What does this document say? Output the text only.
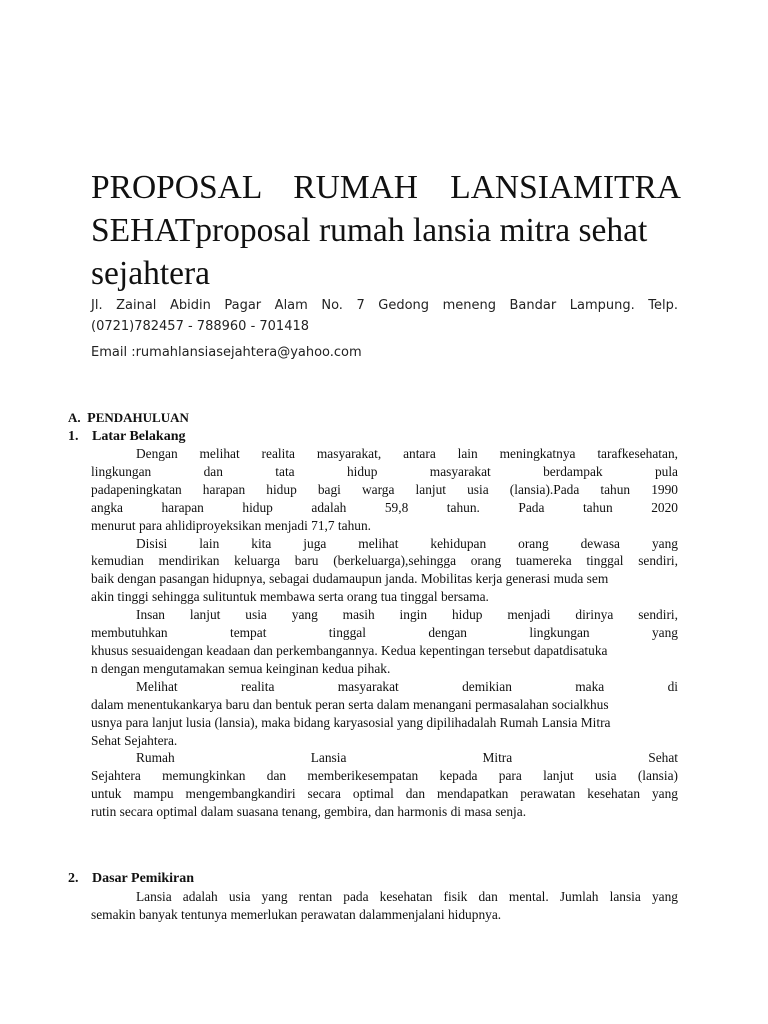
PROPOSAL RUMAH LANSIAMITRA
SEHATproposal rumah lansia mitra sehat
sejahtera

Jl. Zainal Abidin Pagar Alam No. 7 Gedong meneng Bandar Lampung. Telp.
(0721)782457 - 788960 - 701418

Email :rumahlansiasejahtera@yahoo.com

A. PENDAHULUAN

1. Latar Belakang

Dengan melihat realita masyarakat, antara lain meningkatnya tarafkesehatan,
lingkungan dan tata hidup masyarakat berdampak pula
padapeningkatan harapan hidup bagi warga lanjut usia (lansia).Pada tahun 1990
angka harapan hidup adalah 59,8 tahun. Pada tahun 2020
menurut para ahlidiproyeksikan menjadi 71,7 tahun.
Disisi lain kita juga melihat kehidupan orang dewasa yang
kemudian mendirikan keluarga baru (berkeluarga),sehingga orang tuamereka tinggal sendiri,
baik dengan pasangan hidupnya, sebagai dudamaupun janda. Mobilitas kerja generasi muda sem
akin tinggi sehingga sulituntuk membawa serta orang tua tinggal bersama.
Insan lanjut usia yang masih ingin hidup menjadi dirinya sendiri,
membutuhkan tempat tinggal dengan lingkungan yang
khusus sesuaidengan keadaan dan perkembangannya. Kedua kepentingan tersebut dapatdisatuka
n dengan mengutamakan semua keinginan kedua pihak.
Melihat realita masyarakat demikian maka di
dalam menentukankarya baru dan bentuk peran serta dalam menangani permasalahan socialkhus
usnya para lanjut lusia (lansia), maka bidang karyasosial yang dipilihadalah Rumah Lansia Mitra
Sehat Sejahtera.
Rumah Lansia Mitra Sehat
Sejahtera memungkinkan dan memberikesempatan kepada para lanjut usia (lansia)
untuk mampu mengembangkandiri secara optimal dan mendapatkan perawatan kesehatan yang
rutin secara optimal dalam suasana tenang, gembira, dan harmonis di masa senja.

2. Dasar Pemikiran

Lansia adalah usia yang rentan pada kesehatan fisik dan mental. Jumlah lansia yang
semakin banyak tentunya memerlukan perawatan dalammenjalani hidupnya.
